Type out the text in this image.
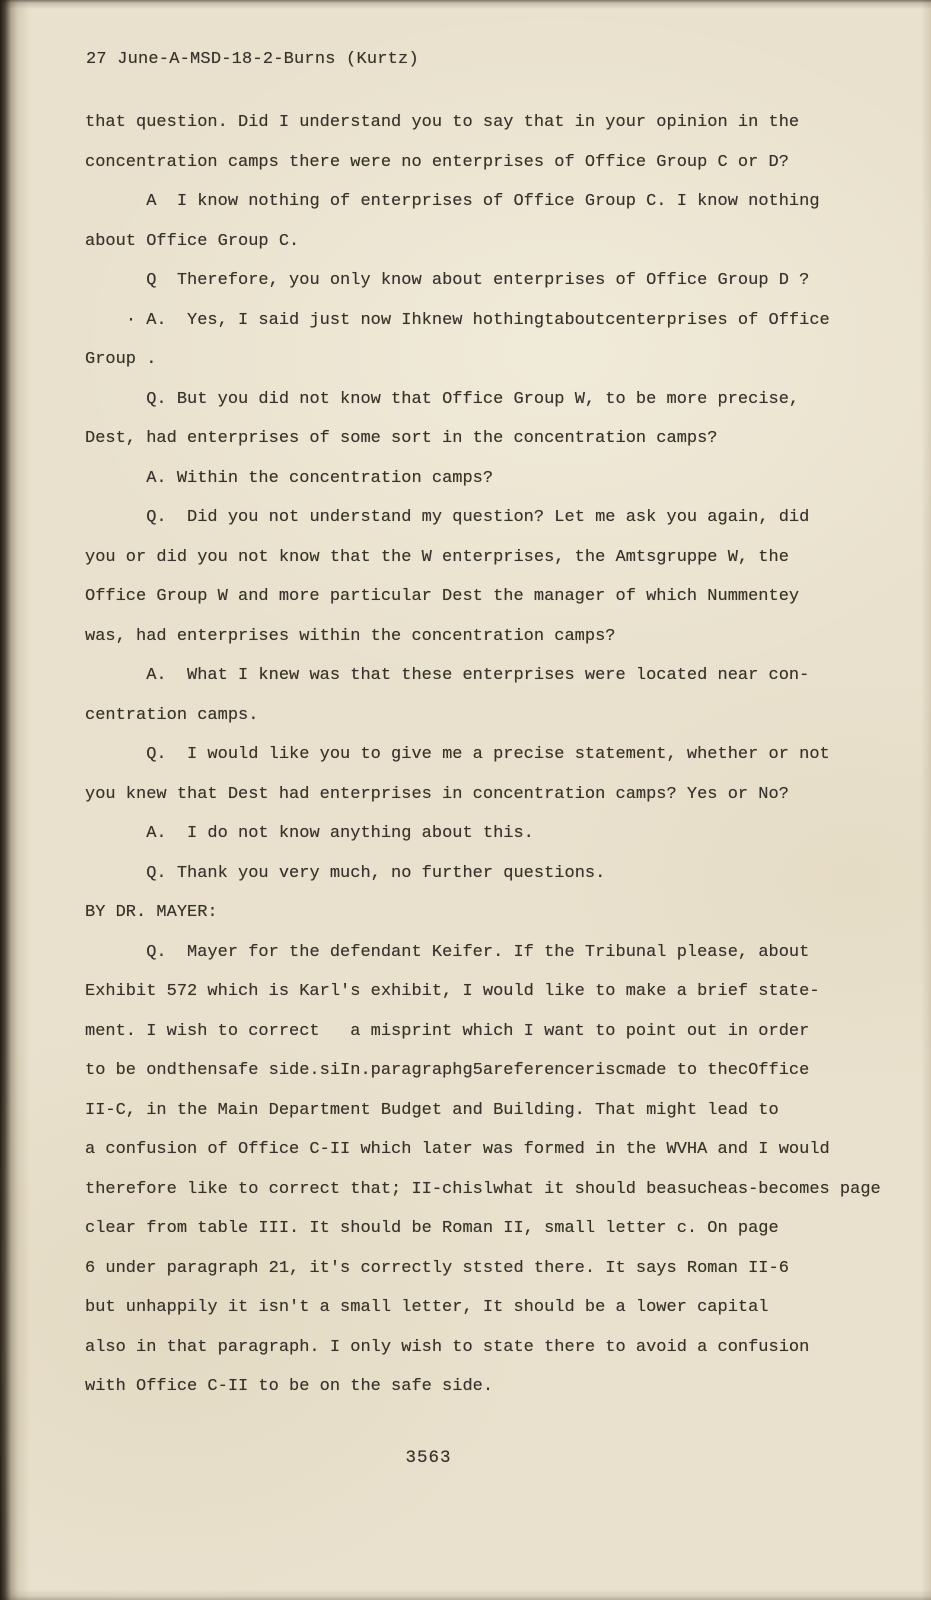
27 June-A-MSD-18-2-Burns (Kurtz)
that question. Did I understand you to say that in your opinion in the
concentration camps there were no enterprises of Office Group C or D?
A  I know nothing of enterprises of Office Group C. I know nothing
about Office Group C.
Q  Therefore, you only know about enterprises of Office Group D ?
· A.  Yes, I said just now Ihknew hothingtaboutcenterprises of Office
Group .
Q. But you did not know that Office Group W, to be more precise,
Dest, had enterprises of some sort in the concentration camps?
A. Within the concentration camps?
Q.  Did you not understand my question? Let me ask you again, did
you or did you not know that the W enterprises, the Amtsgruppe W, the
Office Group W and more particular Dest the manager of which Nummentey
was, had enterprises within the concentration camps?
A.  What I knew was that these enterprises were located near con-
centration camps.
Q.  I would like you to give me a precise statement, whether or not
you knew that Dest had enterprises in concentration camps? Yes or No?
A.  I do not know anything about this.
Q. Thank you very much, no further questions.
BY DR. MAYER:
Q.  Mayer for the defendant Keifer. If the Tribunal please, about
Exhibit 572 which is Karl's exhibit, I would like to make a brief state-
ment. I wish to correct   a misprint which I want to point out in order
to be ondthensafe side.siIn.paragraphg5areferenceriscmade to thecOffice
II-C, in the Main Department Budget and Building. That might lead to
a confusion of Office C-II which later was formed in the WVHA and I would
therefore like to correct that; II-chislwhat it should beasucheas-becomes page
clear from table III. It should be Roman II, small letter c. On page
6 under paragraph 21, it's correctly ststed there. It says Roman II-6
but unhappily it isn't a small letter, It should be a lower capital
also in that paragraph. I only wish to state there to avoid a confusion
with Office C-II to be on the safe side.
3563
